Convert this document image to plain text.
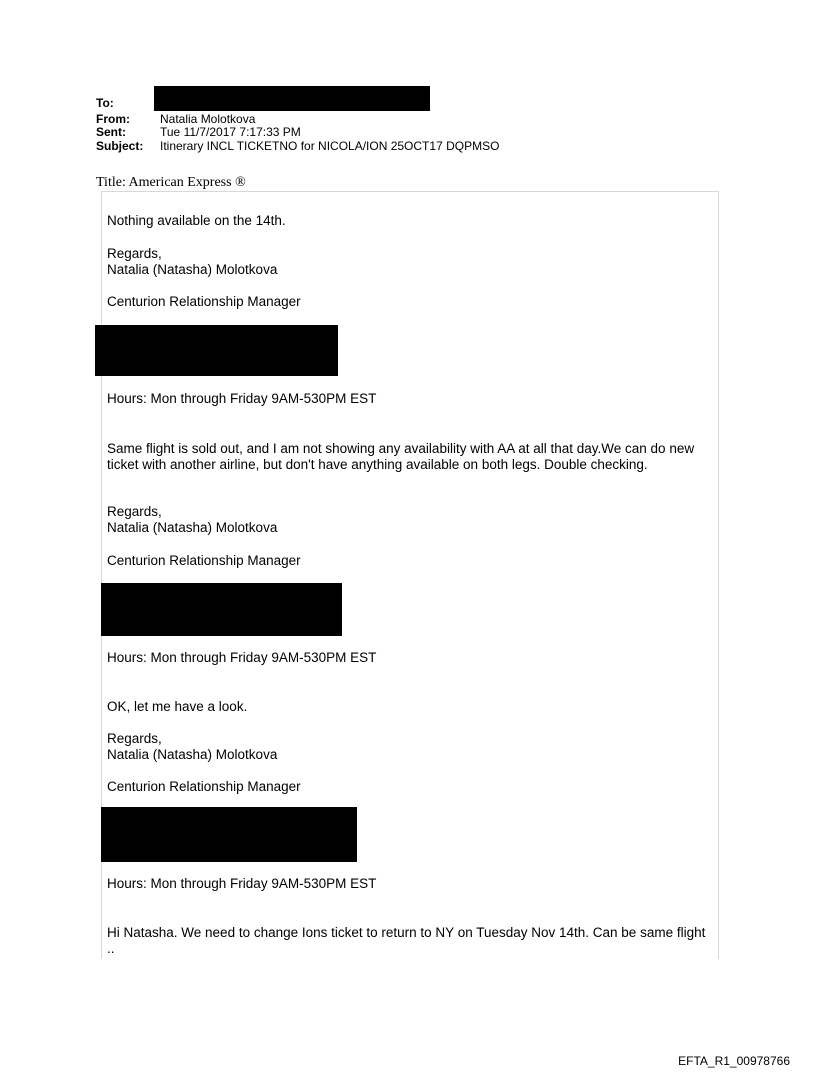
To:
From:	Natalia Molotkova
Sent:	Tue 11/7/2017 7:17:33 PM
Subject: Itinerary INCL TICKETNO for NICOLA/ION 25OCT17 DQPMSO
Title: American Express ®
Nothing available on the 14th.
Regards,
Natalia (Natasha) Molotkova
Centurion Relationship Manager
Hours: Mon through Friday 9AM-530PM EST
Same flight is sold out, and I am not showing any availability with AA at all that day.We can do new ticket with another airline, but don't have anything available on both legs. Double checking.
Regards,
Natalia (Natasha) Molotkova
Centurion Relationship Manager
Hours: Mon through Friday 9AM-530PM EST
OK, let me have a look.
Regards,
Natalia (Natasha) Molotkova
Centurion Relationship Manager
Hours: Mon through Friday 9AM-530PM EST
Hi Natasha. We need to change Ions ticket to return to NY on Tuesday Nov 14th. Can be same flight ..
EFTA_R1_00978766
